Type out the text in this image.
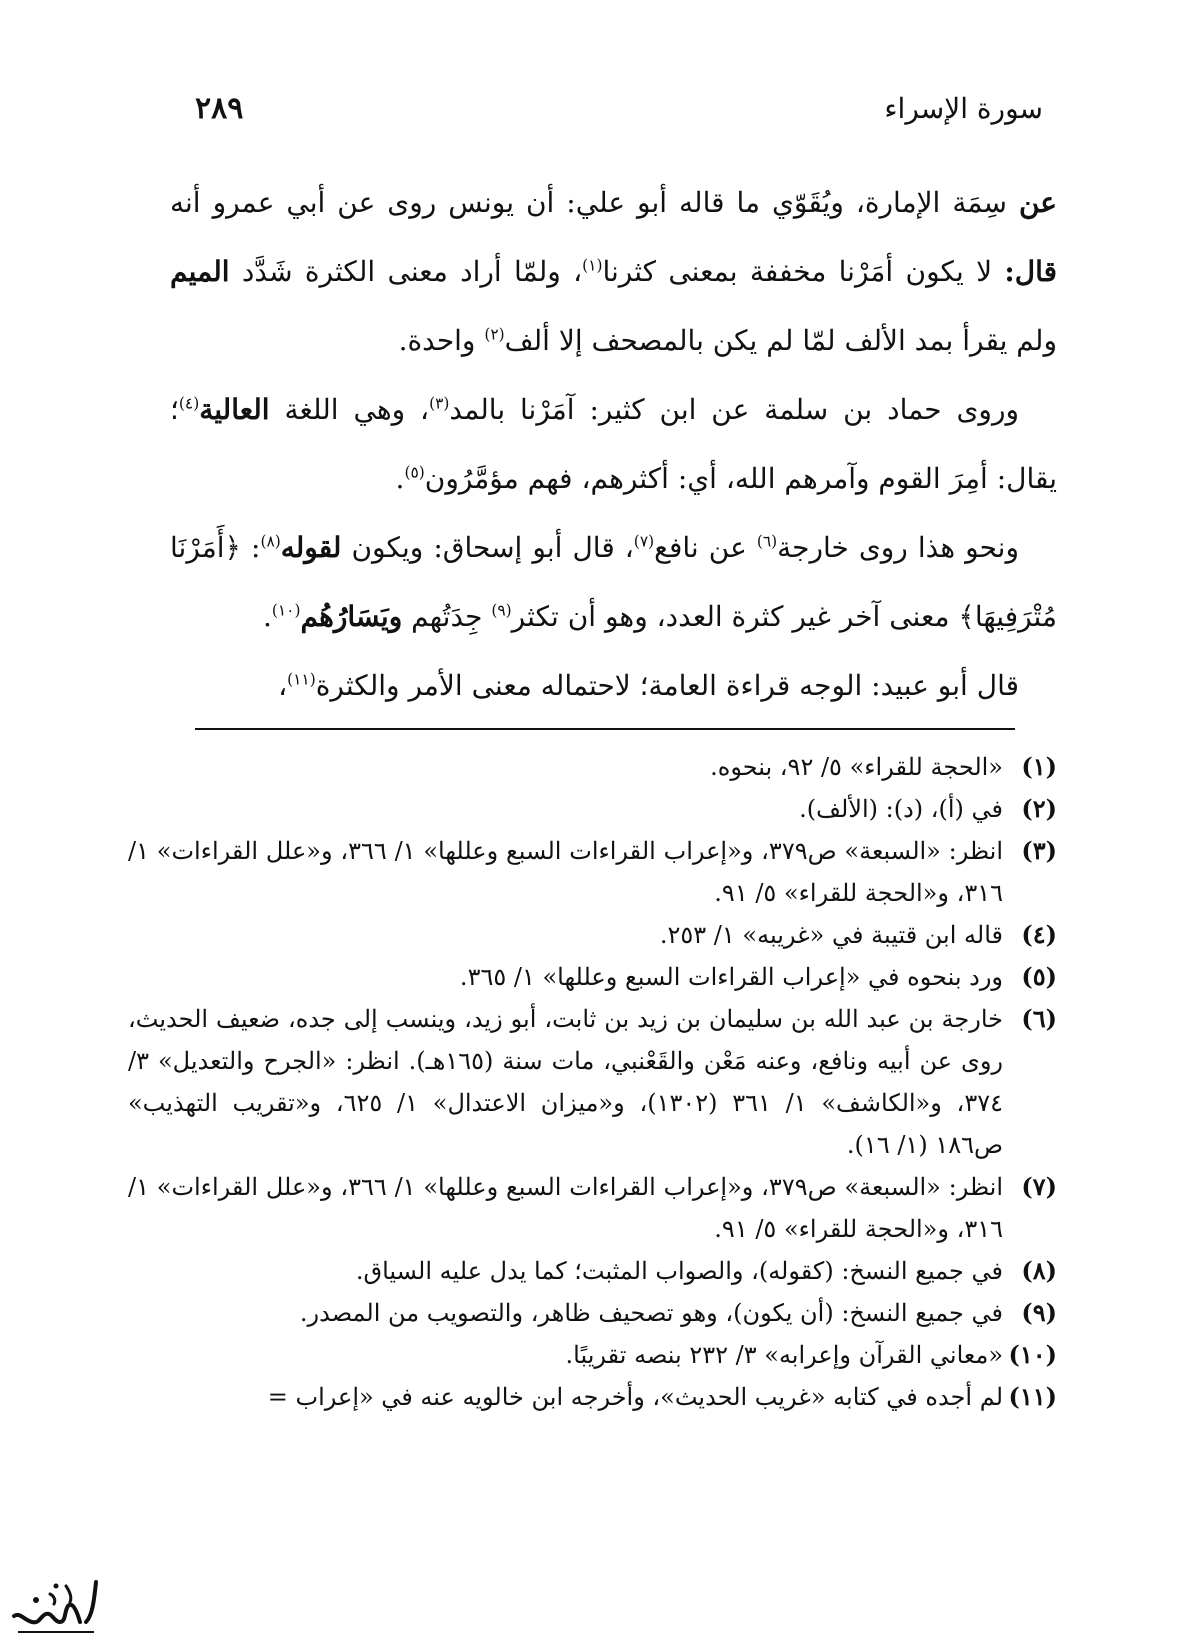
سورة الإسراء
٢٨٩

عن سِمَة الإمارة، ويُقَوّي ما قاله أبو علي: أن يونس روى عن أبي عمرو أنه قال: لا يكون أمَرْنا مخففة بمعنى كثرنا$^{(١)}$، ولمّا أراد معنى الكثرة شَدَّد الميم ولم يقرأ بمد الألف لمّا لم يكن بالمصحف إلا ألف$^{(٢)}$ واحدة.

وروى حماد بن سلمة عن ابن كثير: آمَرْنا بالمد$^{(٣)}$، وهي اللغة العالية$^{(٤)}$؛ يقال: أمِرَ القوم وآمرهم الله، أي: أكثرهم، فهم مؤمَّرُون$^{(٥)}$.

ونحو هذا روى خارجة$^{(٦)}$ عن نافع$^{(٧)}$، قال أبو إسحاق: ويكون لقوله$^{(٨)}$: ﴿أَمَرْنَا مُتْرَفِيهَا﴾ معنى آخر غير كثرة العدد، وهو أن تكثر$^{(٩)}$ جِدَتُهم ويَسَارُهُم$^{(١٠)}$.

قال أبو عبيد: الوجه قراءة العامة؛ لاحتماله معنى الأمر والكثرة$^{(١١)}$،

(١)
«الحجة للقراء» ٥/ ٩٢، بنحوه.
(٢)
في (أ)، (د): (الألف).
(٣)
انظر: «السبعة» ص٣٧٩، و«إعراب القراءات السبع وعللها» ١/ ٣٦٦، و«علل القراءات» ١/ ٣١٦، و«الحجة للقراء» ٥/ ٩١.
(٤)
قاله ابن قتيبة في «غريبه» ١/ ٢٥٣.
(٥)
ورد بنحوه في «إعراب القراءات السبع وعللها» ١/ ٣٦٥.
(٦)
خارجة بن عبد الله بن سليمان بن زيد بن ثابت، أبو زيد، وينسب إلى جده، ضعيف الحديث، روى عن أبيه ونافع، وعنه مَعْن والقَعْنبي، مات سنة (١٦٥هـ). انظر: «الجرح والتعديل» ٣/ ٣٧٤، و«الكاشف» ١/ ٣٦١ (١٣٠٢)، و«ميزان الاعتدال» ١/ ٦٢٥، و«تقريب التهذيب» ص١٨٦ (١/ ١٦).
(٧)
انظر: «السبعة» ص٣٧٩، و«إعراب القراءات السبع وعللها» ١/ ٣٦٦، و«علل القراءات» ١/ ٣١٦، و«الحجة للقراء» ٥/ ٩١.
(٨)
في جميع النسخ: (كقوله)، والصواب المثبت؛ كما يدل عليه السياق.
(٩)
في جميع النسخ: (أن يكون)، وهو تصحيف ظاهر، والتصويب من المصدر.
(١٠)
«معاني القرآن وإعرابه» ٣/ ٢٣٢ بنصه تقريبًا.
(١١)
لم أجده في كتابه «غريب الحديث»، وأخرجه ابن خالويه عنه في «إعراب =
